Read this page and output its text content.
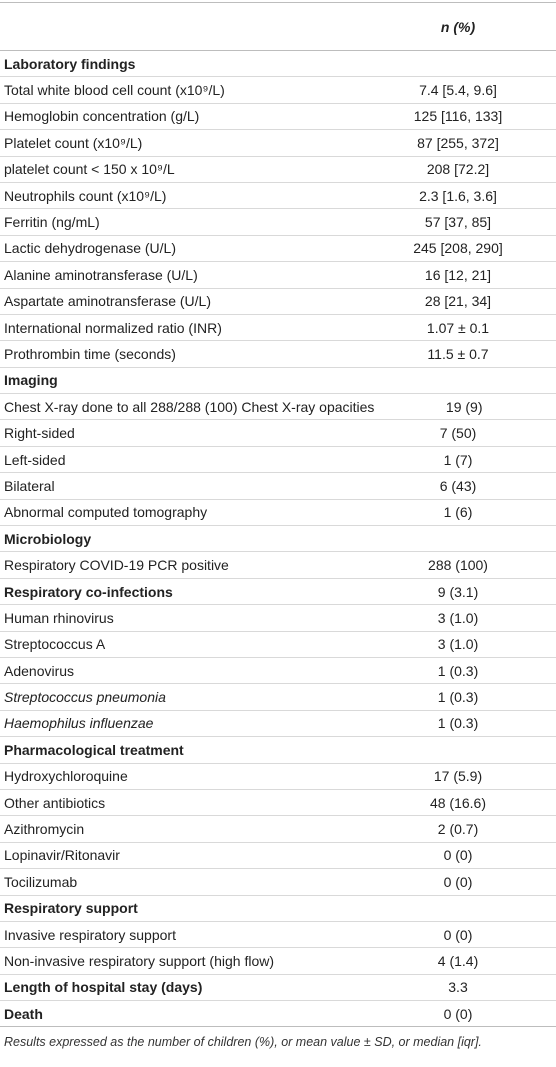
n (%)
Laboratory findings
Total white blood cell count (x10⁹/L)	7.4 [5.4, 9.6]
Hemoglobin concentration (g/L)	125 [116, 133]
Platelet count (x10⁹/L)	87 [255, 372]
platelet count < 150 x 10⁹/L	208 [72.2]
Neutrophils count (x10⁹/L)	2.3 [1.6, 3.6]
Ferritin (ng/mL)	57 [37, 85]
Lactic dehydrogenase (U/L)	245 [208, 290]
Alanine aminotransferase (U/L)	16 [12, 21]
Aspartate aminotransferase (U/L)	28 [21, 34]
International normalized ratio (INR)	1.07 ± 0.1
Prothrombin time (seconds)	11.5 ± 0.7
Imaging
Chest X-ray done to all 288/288 (100) Chest X-ray opacities	19 (9)
Right-sided	7 (50)
Left-sided	1 (7)
Bilateral	6 (43)
Abnormal computed tomography	1 (6)
Microbiology
Respiratory COVID-19 PCR positive	288 (100)
Respiratory co-infections	9 (3.1)
Human rhinovirus	3 (1.0)
Streptococcus A	3 (1.0)
Adenovirus	1 (0.3)
Streptococcus pneumonia	1 (0.3)
Haemophilus influenzae	1 (0.3)
Pharmacological treatment
Hydroxychloroquine	17 (5.9)
Other antibiotics	48 (16.6)
Azithromycin	2 (0.7)
Lopinavir/Ritonavir	0 (0)
Tocilizumab	0 (0)
Respiratory support
Invasive respiratory support	0 (0)
Non-invasive respiratory support (high flow)	4 (1.4)
Length of hospital stay (days)	3.3
Death	0 (0)
Results expressed as the number of children (%), or mean value ± SD, or median [iqr].
